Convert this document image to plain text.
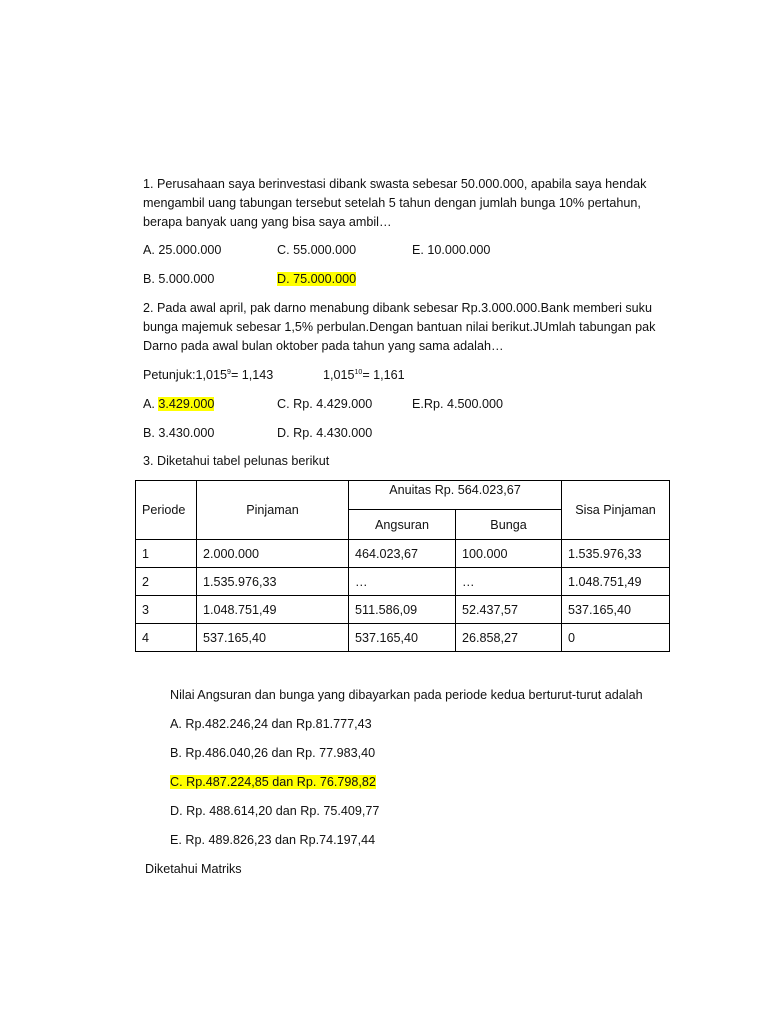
1. Perusahaan saya berinvestasi dibank swasta sebesar 50.000.000, apabila saya hendak
mengambil uang tabungan tersebut setelah 5 tahun dengan jumlah bunga 10% pertahun,
berapa banyak uang yang bisa saya ambil…
A. 25.000.000	C. 55.000.000	E. 10.000.000
B. 5.000.000	D. 75.000.000
2. Pada awal april, pak darno menabung dibank sebesar Rp.3.000.000.Bank memberi suku
bunga majemuk sebesar 1,5% perbulan.Dengan bantuan nilai berikut.JUmlah tabungan pak
Darno pada awal bulan oktober pada tahun yang sama adalah…
$Petunjuk:1,015^9= 1,143$	$1,015^{10}= 1,161$
A. 3.429.000	C. Rp. 4.429.000	E.Rp. 4.500.000
B. 3.430.000	D. Rp. 4.430.000
3. Diketahui tabel pelunas berikut
Periode	Pinjaman	Anuitas Rp. 564.023,67		Sisa Pinjaman
		Angsuran	Bunga	
1	2.000.000	464.023,67	100.000	1.535.976,33
2	1.535.976,33	…	…	1.048.751,49
3	1.048.751,49	511.586,09	52.437,57	537.165,40
4	537.165,40	537.165,40	26.858,27	0
Nilai Angsuran dan bunga yang dibayarkan pada periode kedua berturut-turut adalah
A. Rp.482.246,24 dan Rp.81.777,43
B. Rp.486.040,26 dan Rp. 77.983,40
C. Rp.487.224,85 dan Rp. 76.798,82
D. Rp. 488.614,20 dan Rp. 75.409,77
E. Rp. 489.826,23 dan Rp.74.197,44
Diketahui Matriks
